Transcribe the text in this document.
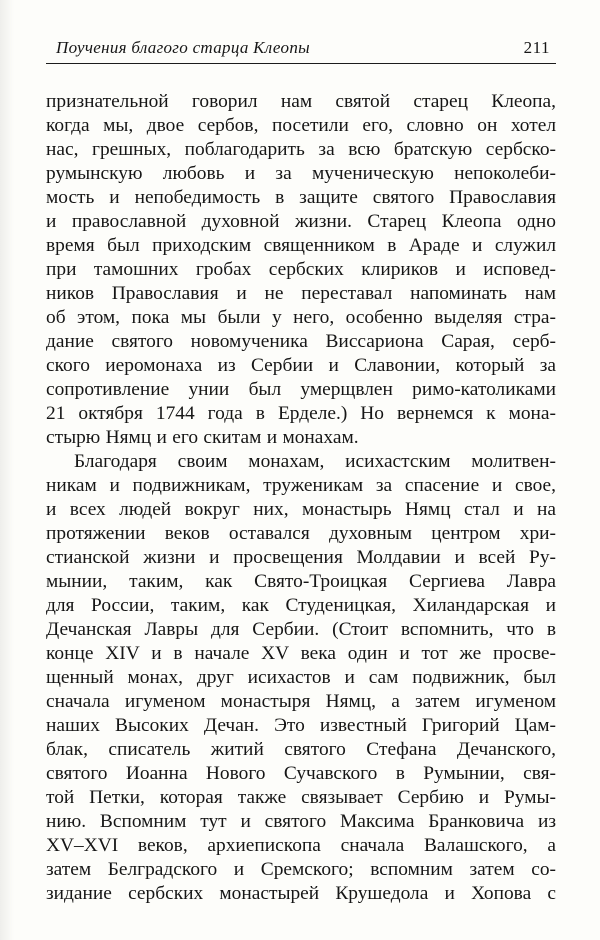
Поучения благого старца Клеопы	211
признательной говорил нам святой старец Клеопа,
когда мы, двое сербов, посетили его, словно он хотел
нас, грешных, поблагодарить за всю братскую сербско-
румынскую любовь и за мученическую непоколеби-
мость и непобедимость в защите святого Православия
и православной духовной жизни. Старец Клеопа одно
время был приходским священником в Араде и служил
при тамошних гробах сербских клириков и исповед-
ников Православия и не переставал напоминать нам
об этом, пока мы были у него, особенно выделяя стра-
дание святого новомученика Виссариона Сарая, серб-
ского иеромонаха из Сербии и Славонии, который за
сопротивление унии был умерщвлен римо-католиками
21 октября 1744 года в Ерделе.) Но вернемся к мона-
стырю Нямц и его скитам и монахам.
Благодаря своим монахам, исихастским молитвен-
никам и подвижникам, труженикам за спасение и свое,
и всех людей вокруг них, монастырь Нямц стал и на
протяжении веков оставался духовным центром хри-
стианской жизни и просвещения Молдавии и всей Ру-
мынии, таким, как Свято-Троицкая Сергиева Лавра
для России, таким, как Студеницкая, Хиландарская и
Дечанская Лавры для Сербии. (Стоит вспомнить, что в
конце XIV и в начале XV века один и тот же просве-
щенный монах, друг исихастов и сам подвижник, был
сначала игуменом монастыря Нямц, а затем игуменом
наших Высоких Дечан. Это известный Григорий Цам-
блак, списатель житий святого Стефана Дечанского,
святого Иоанна Нового Сучавского в Румынии, свя-
той Петки, которая также связывает Сербию и Румы-
нию. Вспомним тут и святого Максима Бранковича из
XV–XVI веков, архиепископа сначала Валашского, а
затем Белградского и Сремского; вспомним затем со-
зидание сербских монастырей Крушедола и Хопова с
